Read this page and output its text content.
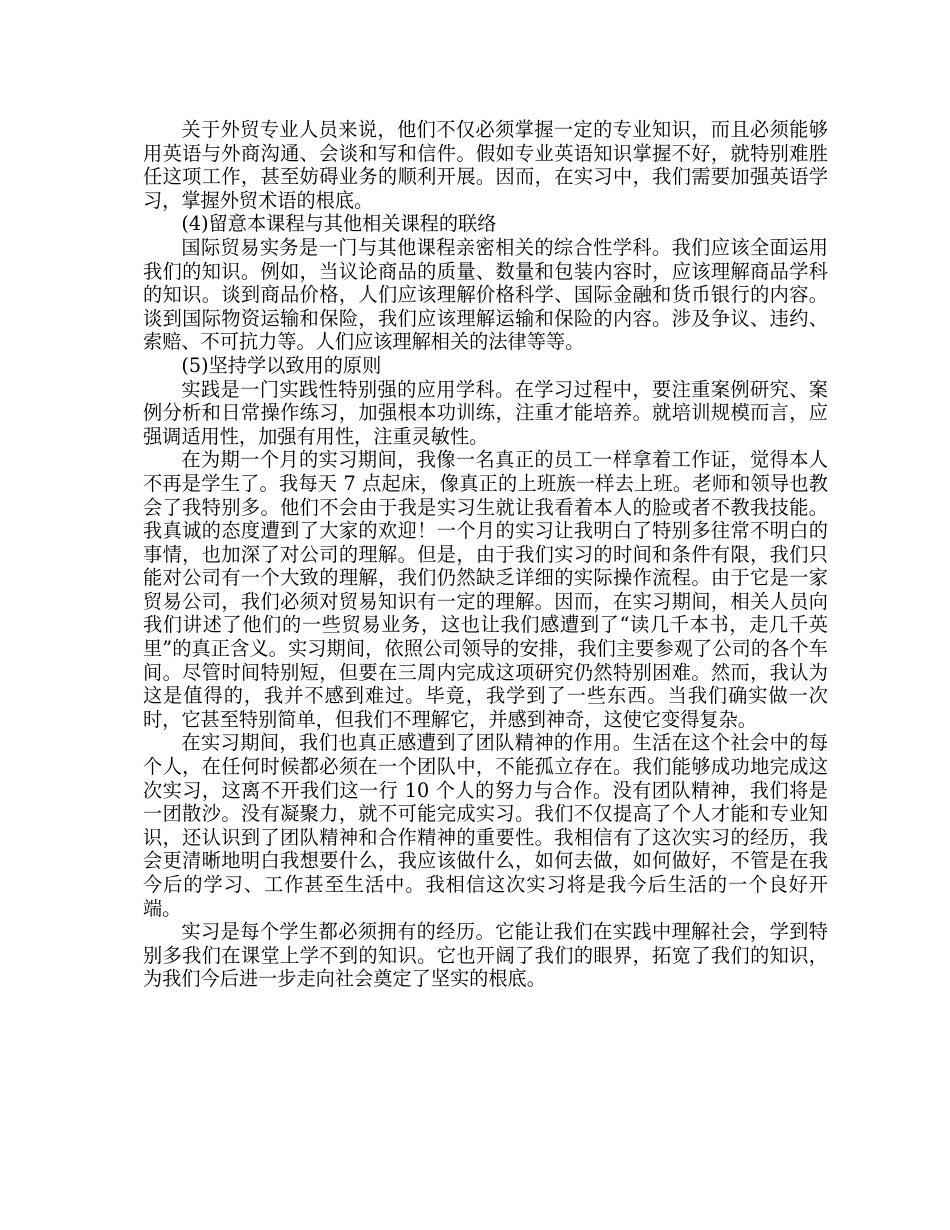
关于外贸专业人员来说，他们不仅必须掌握一定的专业知识，而且必须能够用英语与外商沟通、会谈和写和信件。假如专业英语知识掌握不好，就特别难胜任这项工作，甚至妨碍业务的顺利开展。因而，在实习中，我们需要加强英语学习，掌握外贸术语的根底。

(4)留意本课程与其他相关课程的联络

国际贸易实务是一门与其他课程亲密相关的综合性学科。我们应该全面运用我们的知识。例如，当议论商品的质量、数量和包装内容时，应该理解商品学科的知识。谈到商品价格，人们应该理解价格科学、国际金融和货币银行的内容。谈到国际物资运输和保险，我们应该理解运输和保险的内容。涉及争议、违约、索赔、不可抗力等。人们应该理解相关的法律等等。

(5)坚持学以致用的原则

实践是一门实践性特别强的应用学科。在学习过程中，要注重案例研究、案例分析和日常操作练习，加强根本功训练，注重才能培养。就培训规模而言，应强调适用性，加强有用性，注重灵敏性。

在为期一个月的实习期间，我像一名真正的员工一样拿着工作证，觉得本人不再是学生了。我每天 7 点起床，像真正的上班族一样去上班。老师和领导也教会了我特别多。他们不会由于我是实习生就让我看着本人的脸或者不教我技能。我真诚的态度遭到了大家的欢迎！一个月的实习让我明白了特别多往常不明白的事情，也加深了对公司的理解。但是，由于我们实习的时间和条件有限，我们只能对公司有一个大致的理解，我们仍然缺乏详细的实际操作流程。由于它是一家贸易公司，我们必须对贸易知识有一定的理解。因而，在实习期间，相关人员向我们讲述了他们的一些贸易业务，这也让我们感遭到了“读几千本书，走几千英里”的真正含义。实习期间，依照公司领导的安排，我们主要参观了公司的各个车间。尽管时间特别短，但要在三周内完成这项研究仍然特别困难。然而，我认为这是值得的，我并不感到难过。毕竟，我学到了一些东西。当我们确实做一次时，它甚至特别简单，但我们不理解它，并感到神奇，这使它变得复杂。

在实习期间，我们也真正感遭到了团队精神的作用。生活在这个社会中的每个人，在任何时候都必须在一个团队中，不能孤立存在。我们能够成功地完成这次实习，这离不开我们这一行 10 个人的努力与合作。没有团队精神，我们将是一团散沙。没有凝聚力，就不可能完成实习。我们不仅提高了个人才能和专业知识，还认识到了团队精神和合作精神的重要性。我相信有了这次实习的经历，我会更清晰地明白我想要什么，我应该做什么，如何去做，如何做好，不管是在我今后的学习、工作甚至生活中。我相信这次实习将是我今后生活的一个良好开端。

实习是每个学生都必须拥有的经历。它能让我们在实践中理解社会，学到特别多我们在课堂上学不到的知识。它也开阔了我们的眼界，拓宽了我们的知识，为我们今后进一步走向社会奠定了坚实的根底。
